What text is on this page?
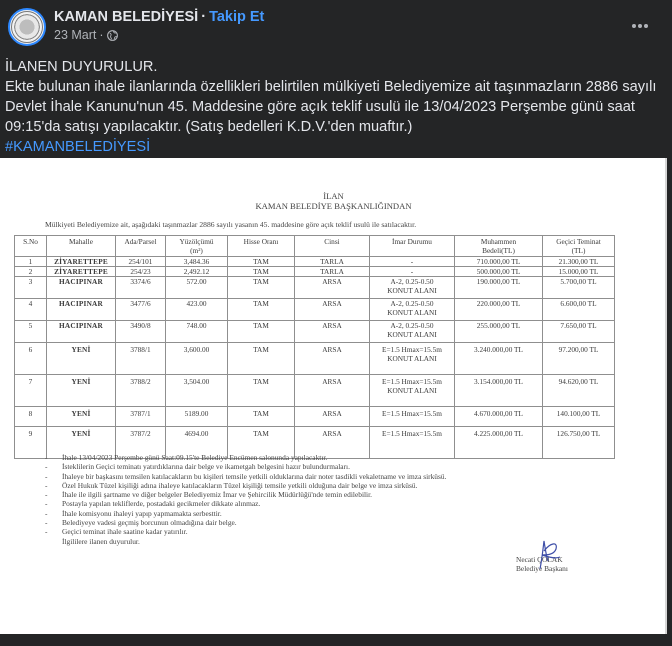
KAMAN BELEDİYESİ · Takip Et
23 Mart ·
İLANEN DUYURULUR.
Ekte bulunan ihale ilanlarında özellikleri belirtilen mülkiyeti Belediyemize ait taşınmazların 2886 sayılı
Devlet İhale Kanunu'nun 45. Maddesine göre açık teklif usulü ile 13/04/2023 Perşembe günü saat
09:15'da satışı yapılacaktır. (Satış bedelleri K.D.V.'den muaftır.)
#KAMANBELEDİYESİ
İLAN
KAMAN BELEDİYE BAŞKANLIĞINDAN
Mülkiyeti Belediyemize ait, aşağıdaki taşınmazlar 2886 sayılı yasanın 45. maddesine göre açık teklif usulü ile satılacaktır.
S.No	Mahalle	Ada/Parsel	Yüzölçümü
(m²)	Hisse Oranı	Cinsi	İmar Durumu	Muhammen
Bedeli(TL)	Geçici Teminat
(TL)
1	ZİYARETTEPE	254/101	3,484.36	TAM	TARLA	-	710.000,00 TL	21.300,00 TL
2	ZİYARETTEPE	254/23	2,492.12	TAM	TARLA	-	500.000,00 TL	15.000,00 TL
3	HACIPINAR	3374/6	572.00	TAM	ARSA	A-2, 0.25-0.50
KONUT ALANI	190.000,00 TL	5.700,00 TL
4	HACIPINAR	3477/6	423.00	TAM	ARSA	A-2, 0.25-0.50
KONUT ALANI	220.000,00 TL	6.600,00 TL
5	HACIPINAR	3490/8	748.00	TAM	ARSA	A-2, 0.25-0.50
KONUT ALANI	255.000,00 TL	7.650,00 TL
6	YENİ	3788/1	3,600.00	TAM	ARSA	E=1.5 Hmax=15.5m
KONUT ALANI	3.240.000,00 TL	97.200,00 TL
7	YENİ	3788/2	3,504.00	TAM	ARSA	E=1.5 Hmax=15.5m
KONUT ALANI	3.154.000,00 TL	94.620,00 TL
8	YENİ	3787/1	5189.00	TAM	ARSA	E=1.5 Hmax=15.5m	4.670.000,00 TL	140.100,00 TL
9	YENİ	3787/2	4694.00	TAM	ARSA	E=1.5 Hmax=15.5m	4.225.000,00 TL	126.750,00 TL
-	İhale 13/04/2023 Perşembe günü Saat:09.15'te Belediye Encümen salonunda yapılacaktır.
-	İsteklilerin Geçici teminatı yatırdıklarına dair belge ve ikametgah belgesini hazır bulundurmaları.
-	İhaleye bir başkasını temsilen katılacakların bu kişileri temsile yetkili olduklarına dair noter tasdikli vekaletname ve imza sirküsü.
-	Özel Hukuk Tüzel kişiliği adına ihaleye katılacakların Tüzel kişiliği temsile yetkili olduğuna dair belge ve imza sirküsü.
-	İhale ile ilgili şartname ve diğer belgeler Belediyemiz İmar ve Şehircilik Müdürlüğü'nde temin edilebilir.
-	Postayla yapılan tekliflerde, postadaki gecikmeler dikkate alınmaz.
-	İhale komisyonu ihaleyi yapıp yapmamakta serbesttir.
-	Belediyeye vadesi geçmiş borcunun olmadığına dair belge.
-	Geçici teminat ihale saatine kadar yatırılır.
İlgililere ilanen duyurulur.
Necati ÇOLAK
Belediye Başkanı
